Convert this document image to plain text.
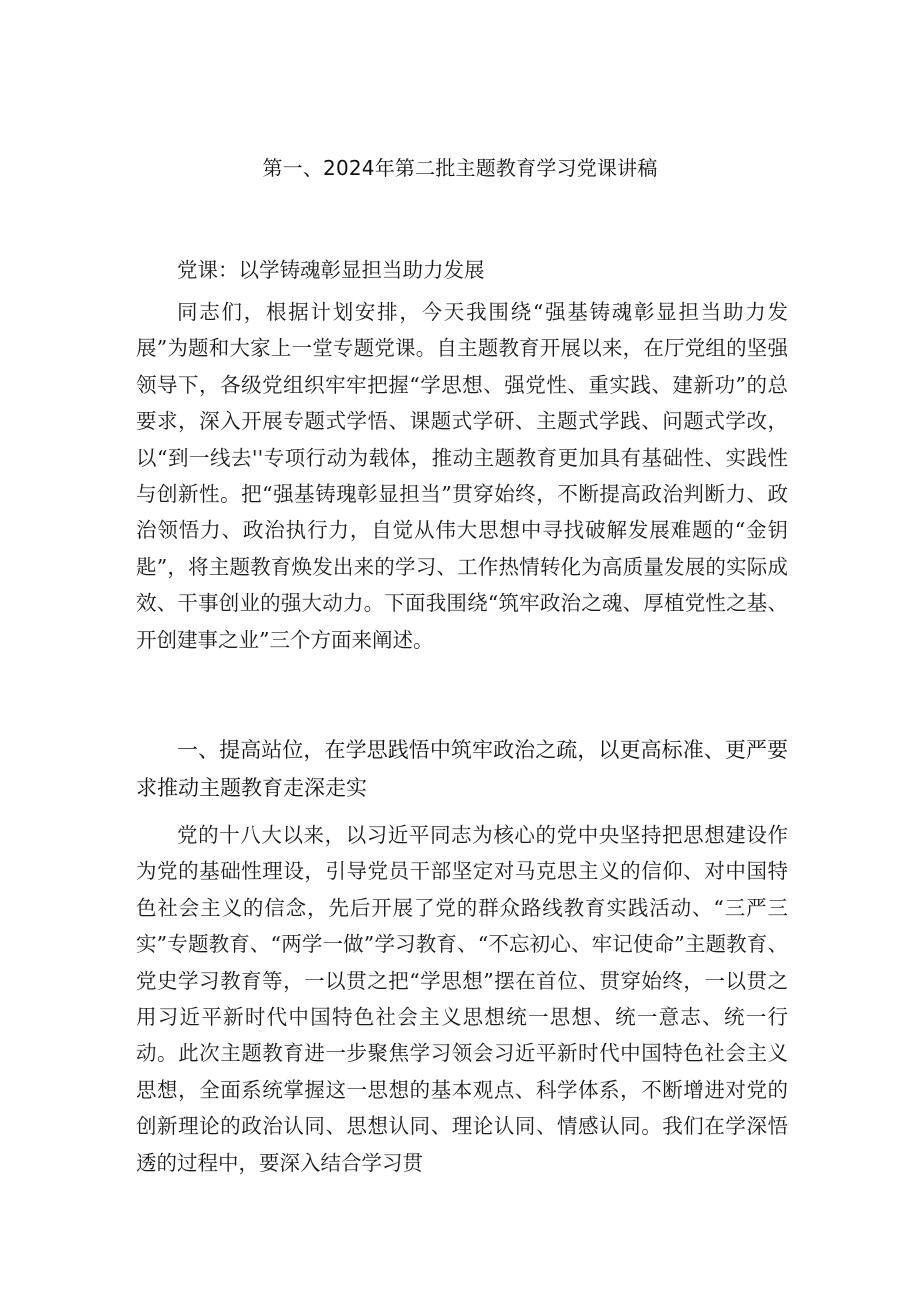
第一、2024年第二批主题教育学习党课讲稿

党课：以学铸魂彰显担当助力发展

同志们，根据计划安排，今天我围绕“强基铸魂彰显担当助力发展”为题和大家上一堂专题党课。自主题教育开展以来，在厅党组的坚强领导下，各级党组织牢牢把握“学思想、强党性、重实践、建新功”的总要求，深入开展专题式学悟、课题式学研、主题式学践、问题式学改，以“到一线去''专项行动为载体，推动主题教育更加具有基础性、实践性与创新性。把“强基铸瑰彰显担当”贯穿始终，不断提高政治判断力、政治领悟力、政治执行力，自觉从伟大思想中寻找破解发展难题的“金钥匙”，将主题教育焕发出来的学习、工作热情转化为高质量发展的实际成效、干事创业的强大动力。下面我围绕“筑牢政治之魂、厚植党性之基、开创建事之业”三个方面来阐述。

一、提高站位，在学思践悟中筑牢政治之疏，以更高标准、更严要求推动主题教育走深走实

党的十八大以来，以习近平同志为核心的党中央坚持把思想建设作为党的基础性理设，引导党员干部坚定对马克思主义的信仰、对中国特色社会主义的信念，先后开展了党的群众路线教育实践活动、“三严三实”专题教育、“两学一做”学习教育、“不忘初心、牢记使命”主题教育、党史学习教育等，一以贯之把“学思想”摆在首位、贯穿始终，一以贯之用习近平新时代中国特色社会主义思想统一思想、统一意志、统一行动。此次主题教育进一步聚焦学习领会习近平新时代中国特色社会主义思想，全面系统掌握这一思想的基本观点、科学体系，不断增进对党的创新理论的政治认同、思想认同、理论认同、情感认同。我们在学深悟透的过程中，要深入结合学习贯
